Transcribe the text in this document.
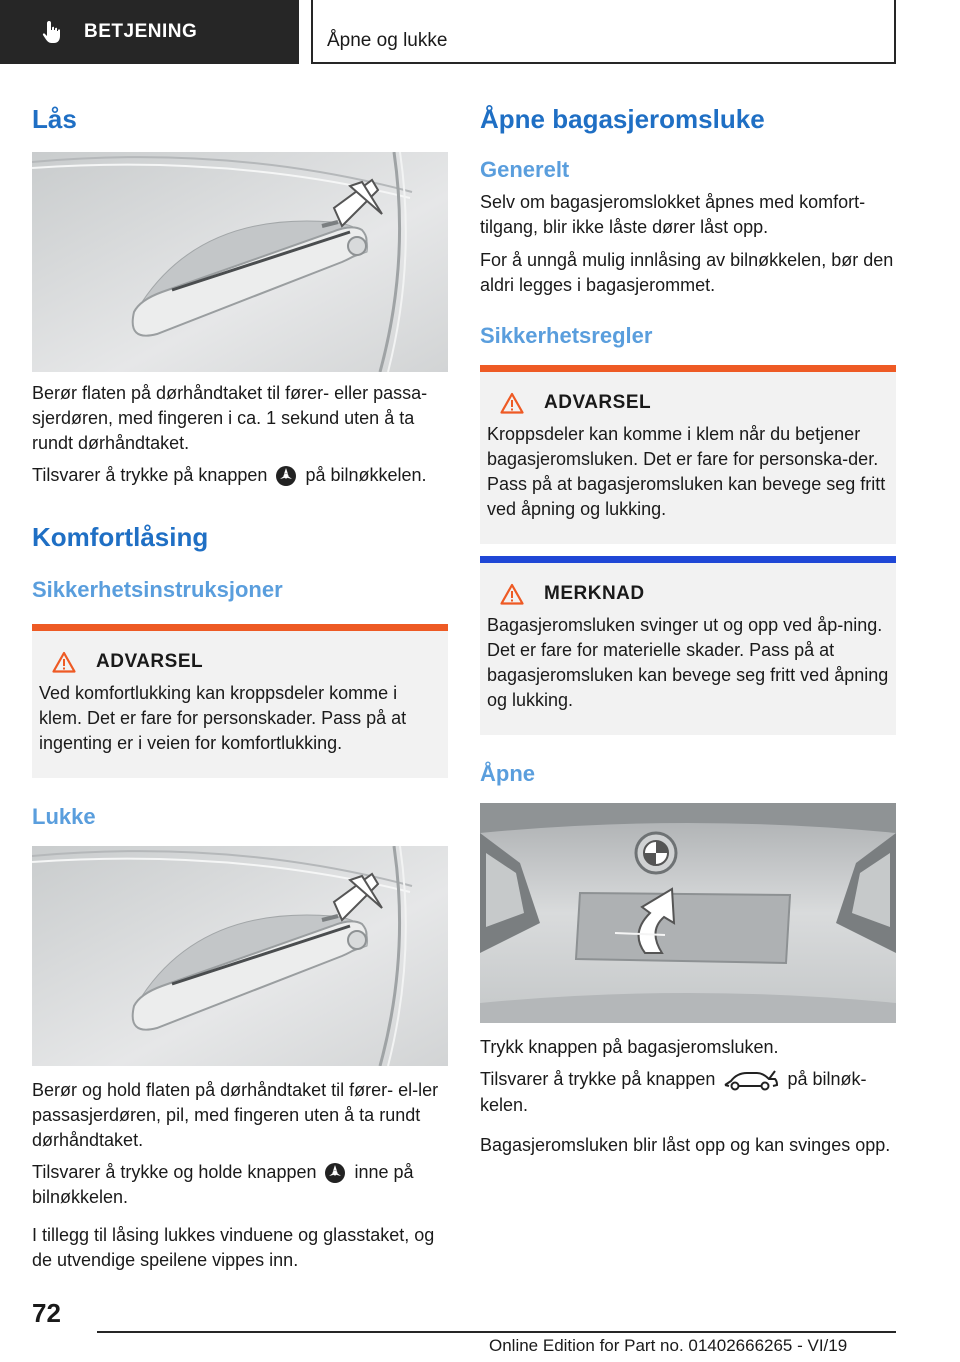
BETJENING	Åpne og lukke
Lås

Berør flaten på dørhåndtaket til fører- eller passa-sjerdøren, med fingeren i ca. 1 sekund uten å ta rundt dørhåndtaket.

Tilsvarer å trykke på knappen på bilnøkkelen.

Komfortlåsing
Sikkerhetsinstruksjoner
ADVARSEL

Ved komfortlukking kan kroppsdeler komme i klem. Det er fare for personskader. Pass på at ingenting er i veien for komfortlukking.

Lukke

Berør og hold flaten på dørhåndtaket til fører- el-ler passasjerdøren, pil, med fingeren uten å ta rundt dørhåndtaket.

Tilsvarer å trykke og holde knappen inne på bilnøkkelen.

I tillegg til låsing lukkes vinduene og glasstaket, og de utvendige speilene vippes inn.

Åpne bagasjeromsluke
Generelt

Selv om bagasjeromslokket åpnes med komfort-tilgang, blir ikke låste dører låst opp.

For å unngå mulig innlåsing av bilnøkkelen, bør den aldri legges i bagasjerommet.

Sikkerhetsregler
ADVARSEL

Kroppsdeler kan komme i klem når du betjener bagasjeromsluken. Det er fare for personska-der. Pass på at bagasjeromsluken kan bevege seg fritt ved åpning og lukking.

MERKNAD

Bagasjeromsluken svinger ut og opp ved åp-ning. Det er fare for materielle skader. Pass på at bagasjeromsluken kan bevege seg fritt ved åpning og lukking.

Åpne

Trykk knappen på bagasjeromsluken.

Tilsvarer å trykke på knappen	på bilnøk-kelen.

Bagasjeromsluken blir låst opp og kan svinges opp.

72
Online Edition for Part no. 01402666265 - VI/19
